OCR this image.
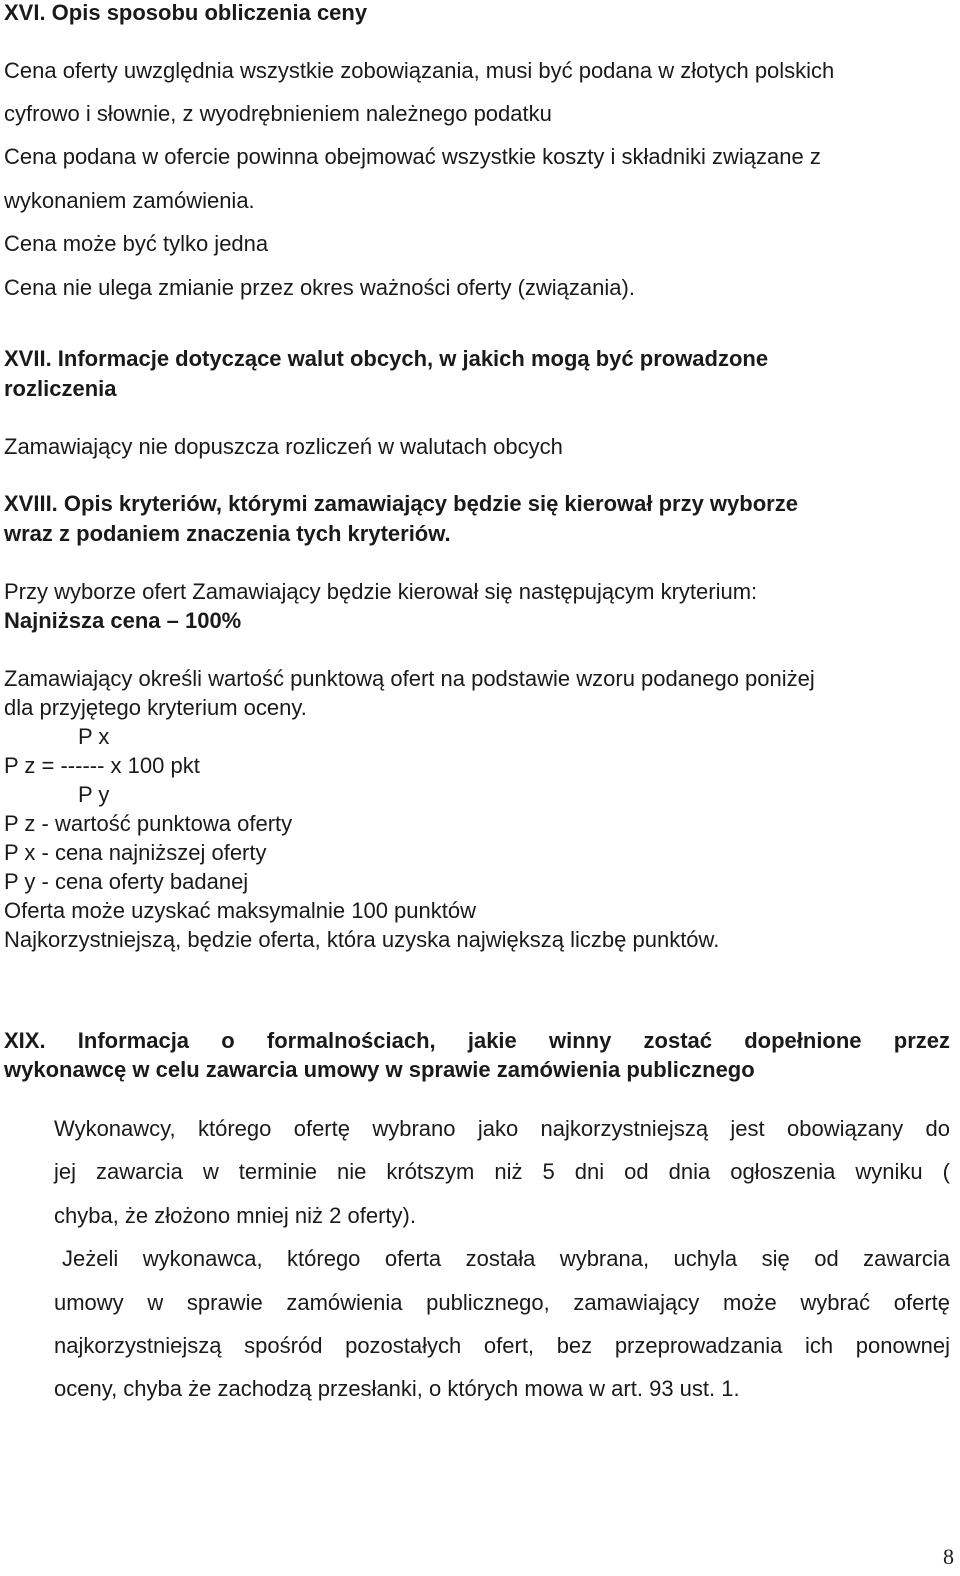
XVI. Opis sposobu obliczenia ceny

Cena oferty uwzględnia wszystkie zobowiązania, musi być podana w złotych polskich

cyfrowo i słownie, z wyodrębnieniem należnego podatku

Cena podana w ofercie powinna obejmować wszystkie koszty i składniki związane z

wykonaniem zamówienia.

Cena może być tylko jedna

Cena nie ulega zmianie przez okres ważności oferty (związania).

XVII. Informacje dotyczące walut obcych, w jakich mogą być prowadzone

rozliczenia

Zamawiający nie dopuszcza rozliczeń w walutach obcych

XVIII. Opis kryteriów, którymi zamawiający będzie się kierował przy wyborze

wraz z podaniem znaczenia tych kryteriów.

Przy wyborze ofert Zamawiający będzie kierował się następującym kryterium:

Najniższa cena – 100%

Zamawiający określi wartość punktową ofert na podstawie wzoru podanego poniżej

dla przyjętego kryterium oceny.

P x

P z = ------ x 100 pkt

P y

P z - wartość punktowa oferty

P x - cena najniższej oferty

P y - cena oferty badanej

Oferta może uzyskać maksymalnie 100 punktów

Najkorzystniejszą, będzie oferta, która uzyska największą liczbę punktów.

XIX. Informacja o formalnościach, jakie winny zostać dopełnione przez

wykonawcę w celu zawarcia umowy w sprawie zamówienia publicznego

Wykonawcy, którego ofertę wybrano jako najkorzystniejszą jest obowiązany do

jej zawarcia w terminie nie krótszym niż 5 dni od dnia ogłoszenia wyniku (

chyba, że złożono mniej niż 2 oferty).

Jeżeli wykonawca, którego oferta została wybrana, uchyla się od zawarcia

umowy w sprawie zamówienia publicznego, zamawiający może wybrać ofertę

najkorzystniejszą spośród pozostałych ofert, bez przeprowadzania ich ponownej

oceny, chyba że zachodzą przesłanki, o których mowa w art. 93 ust. 1.

8
